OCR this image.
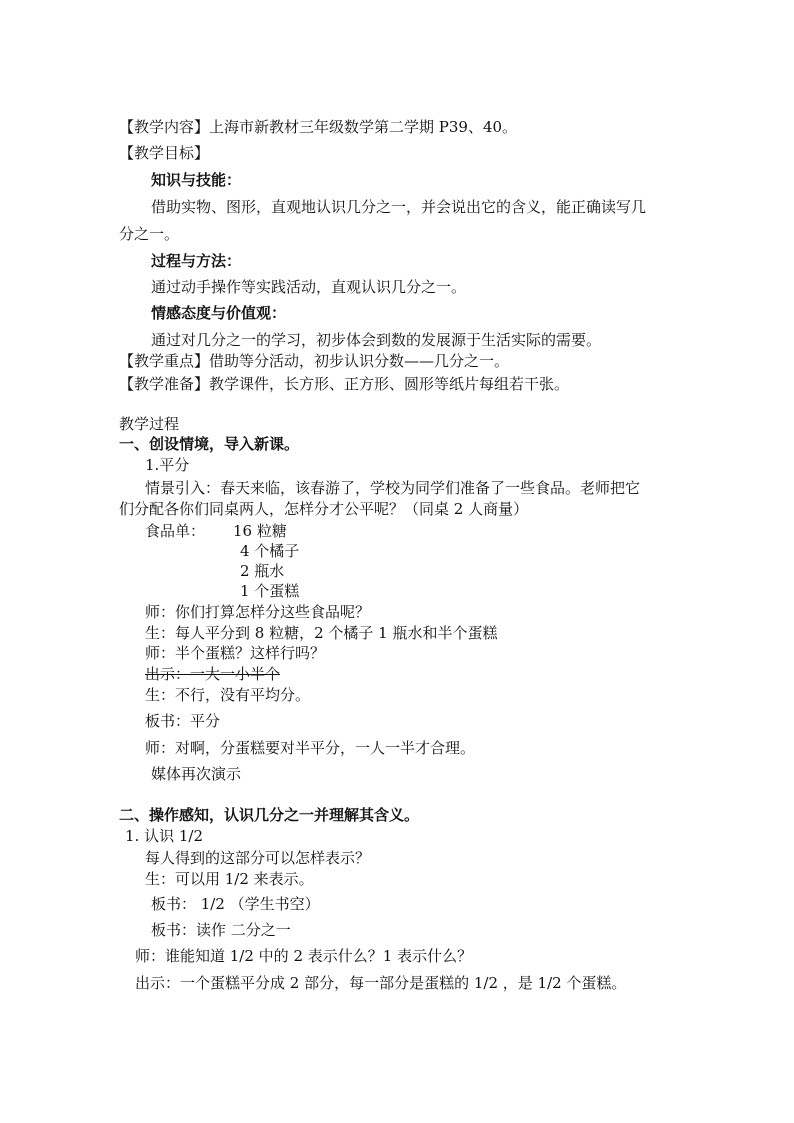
【教学内容】上海市新教材三年级数学第二学期 P39、40。
【教学目标】
知识与技能：
借助实物、图形，直观地认识几分之一，并会说出它的含义，能正确读写几
分之一。
过程与方法：
通过动手操作等实践活动，直观认识几分之一。
情感态度与价值观：
通过对几分之一的学习，初步体会到数的发展源于生活实际的需要。
【教学重点】借助等分活动，初步认识分数——几分之一。
【教学准备】教学课件，长方形、正方形、圆形等纸片每组若干张。
教学过程
一、创设情境，导入新课。
1.平分
情景引入：春天来临，该春游了，学校为同学们准备了一些食品。老师把它
们分配各你们同桌两人，怎样分才公平呢？（同桌 2 人商量）
食品单： 16 粒糖
4 个橘子
2 瓶水
1 个蛋糕
师：你们打算怎样分这些食品呢？
生：每人平分到 8 粒糖，2 个橘子 1 瓶水和半个蛋糕
师：半个蛋糕？这样行吗？
出示：一大一小半个
生：不行，没有平均分。
板书：平分
师：对啊，分蛋糕要对半平分，一人一半才合理。
媒体再次演示
二、操作感知，认识几分之一并理解其含义。
1. 认识 1/2
每人得到的这部分可以怎样表示？
生：可以用 1/2 来表示。
板书： 1/2 （学生书空）
板书：读作 二分之一
师：谁能知道 1/2 中的 2 表示什么？1 表示什么？
出示：一个蛋糕平分成 2 部分，每一部分是蛋糕的 1/2 ，是 1/2 个蛋糕。
